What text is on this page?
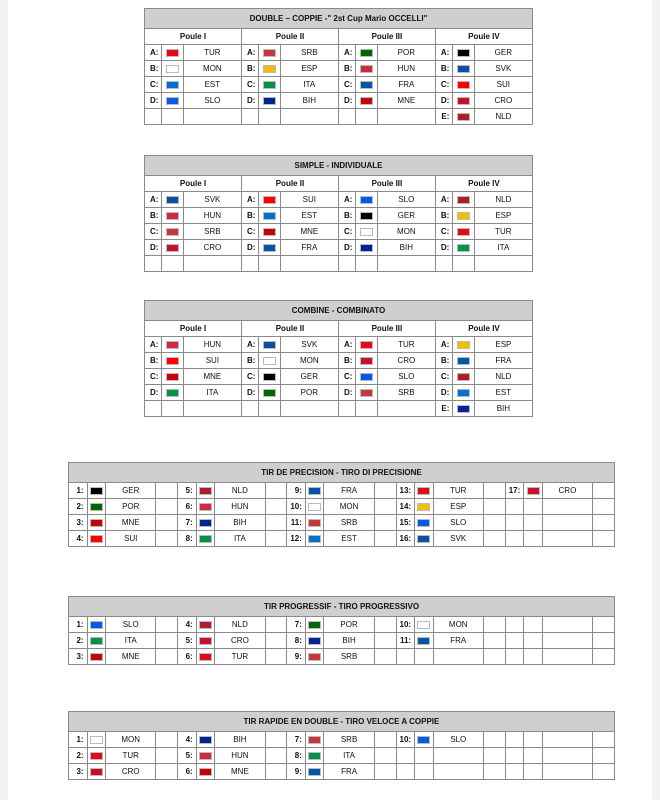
DOUBLE – COPPIE -" 2st Cup Mario OCCELLI"											
Poule I			Poule II			Poule III			Poule IV		
A:		TUR	A:		SRB	A:		POR	A:		GER
B:		MON	B:		ESP	B:		HUN	B:		SVK
C:		EST	C:		ITA	C:		FRA	C:		SUI
D:		SLO	D:		BIH	D:		MNE	D:		CRO
									E:		NLD
SIMPLE - INDIVIDUALE											
Poule I			Poule II			Poule III			Poule IV		
A:		SVK	A:		SUI	A:		SLO	A:		NLD
B:		HUN	B:		EST	B:		GER	B:		ESP
C:		SRB	C:		MNE	C:		MON	C:		TUR
D:		CRO	D:		FRA	D:		BIH	D:		ITA

COMBINE - COMBINATO											
Poule I			Poule II			Poule III			Poule IV		
A:		HUN	A:		SVK	A:		TUR	A:		ESP
B:		SUI	B:		MON	B:		CRO	B:		FRA
C:		MNE	C:		GER	C:		SLO	C:		NLD
D:		ITA	D:		POR	D:		SRB	D:		EST
									E:		BIH
TIR DE PRECISION - TIRO DI PRECISIONE																			
1:		GER		5:		NLD		9:		FRA		13:		TUR		17:		CRO	
2:		POR		6:		HUN		10:		MON		14:		ESP					
3:		MNE		7:		BIH		11:		SRB		15:		SLO					
4:		SUI		8:		ITA		12:		EST		16:		SVK					
TIR PROGRESSIF - TIRO PROGRESSIVO																			
1:		SLO		4:		NLD		7:		POR		10:		MON					
2:		ITA		5:		CRO		8:		BIH		11:		FRA					
3:		MNE		6:		TUR		9:		SRB									
TIR RAPIDE EN DOUBLE - TIRO VELOCE A COPPIE																			
1:		MON		4:		BIH		7:		SRB		10:		SLO					
2:		TUR		5:		HUN		8:		ITA									
3:		CRO		6:		MNE		9:		FRA									
